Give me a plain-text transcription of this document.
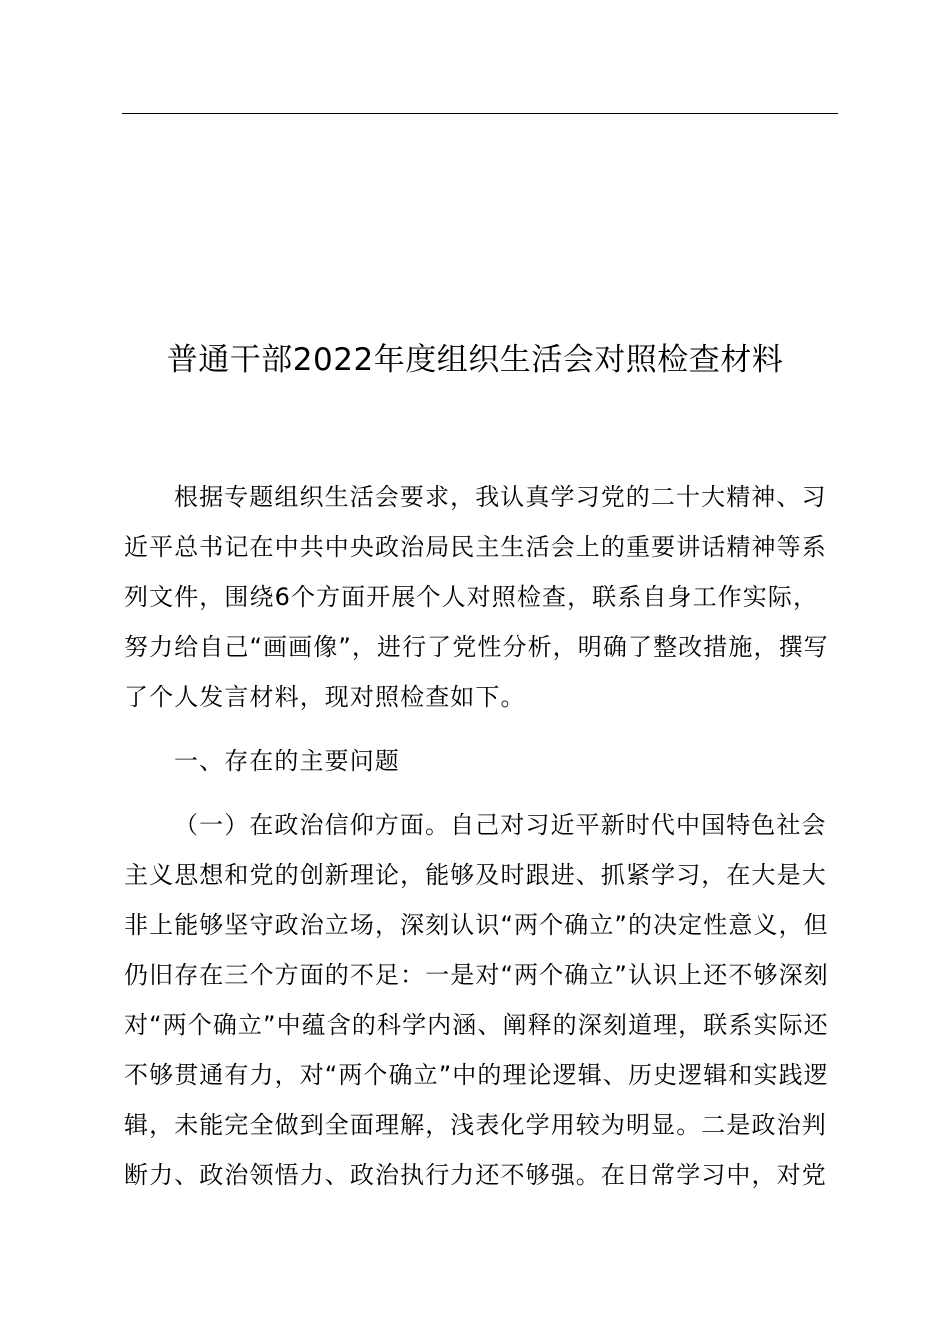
普通干部2022年度组织生活会对照检查材料
根据专题组织生活会要求，我认真学习党的二十大精神、习
近平总书记在中共中央政治局民主生活会上的重要讲话精神等系
列文件，围绕6个方面开展个人对照检查，联系自身工作实际，
努力给自己“画画像”，进行了党性分析，明确了整改措施，撰写
了个人发言材料，现对照检查如下。
一、存在的主要问题
（一）在政治信仰方面。自己对习近平新时代中国特色社会
主义思想和党的创新理论，能够及时跟进、抓紧学习，在大是大
非上能够坚守政治立场，深刻认识“两个确立”的决定性意义，但
仍旧存在三个方面的不足：一是对“两个确立”认识上还不够深刻
对“两个确立”中蕴含的科学内涵、阐释的深刻道理，联系实际还
不够贯通有力，对“两个确立”中的理论逻辑、历史逻辑和实践逻
辑，未能完全做到全面理解，浅表化学用较为明显。二是政治判
断力、政治领悟力、政治执行力还不够强。在日常学习中，对党
